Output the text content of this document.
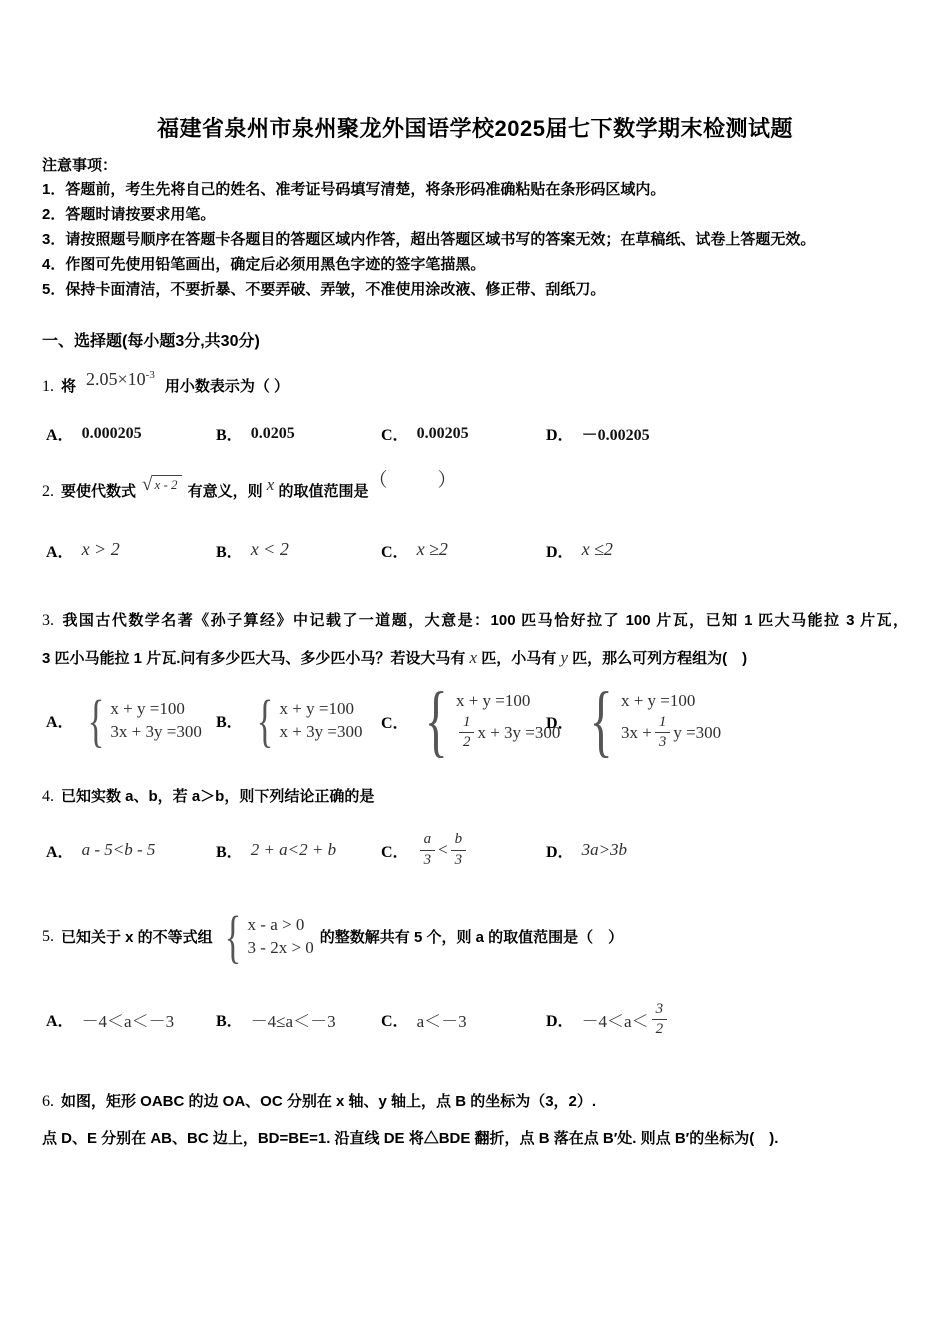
福建省泉州市泉州聚龙外国语学校2025届七下数学期末检测试题
注意事项：
1．答题前，考生先将自己的姓名、准考证号码填写清楚，将条形码准确粘贴在条形码区域内。
2．答题时请按要求用笔。
3．请按照题号顺序在答题卡各题目的答题区域内作答，超出答题区域书写的答案无效；在草稿纸、试卷上答题无效。
4．作图可先使用铅笔画出，确定后必须用黑色字迹的签字笔描黑。
5．保持卡面清洁，不要折暴、不要弄破、弄皱，不准使用涂改液、修正带、刮纸刀。
一、选择题(每小题3分,共30分)
1. 将 $2.05\times 10^{-3}$用小数表示为（ ）
A． 0.000205	B． 0.0205	C． 0.00205	D． －0.00205
2. 要使代数式 √ x - 2 有意义，则 x 的取值范围是（　　）
A． x > 2	B． x < 2	C． x ≥2	D． x ≤2
3. 我国古代数学名著《孙子算经》中记载了一道题，大意是：100 匹马恰好拉了 100 片瓦，已知 1 匹大马能拉 3 片瓦，
3 匹小马能拉 1 片瓦.问有多少匹大马、多少匹小马？若设大马有 x 匹，小马有 y 匹，那么可列方程组为(　)
A． { x + y =100
3x + 3y =300 B． { x + y =100
x + 3y =300 C． { x + y =100
$\frac{1}{2}$ x + 3y =300
D． { x + y =100
$3x + \frac{1}{3}$ y =300
4. 已知实数 a、b，若 a＞b，则下列结论正确的是
A． a - 5<b - 5	B． 2 + a<2 + b	C． $\frac{a}{3} < \frac{b}{3}$	D． 3a>3b
5. 已知关于 x 的不等式组 { x - a > 0
3 - 2x > 0
的整数解共有 5 个，则 a 的取值范围是（　）
A． －4＜a＜－3	B． －4≤a＜－3	C． a＜－3	D． $-4<a< \frac{3}{2}$
6. 如图，矩形 OABC 的边 OA、OC 分别在 x 轴、y 轴上，点 B 的坐标为（3，2）.
点 D、E 分别在 AB、BC 边上，BD=BE=1. 沿直线 DE 将△BDE 翻折，点 B 落在点 B′处. 则点 B′的坐标为(　).
